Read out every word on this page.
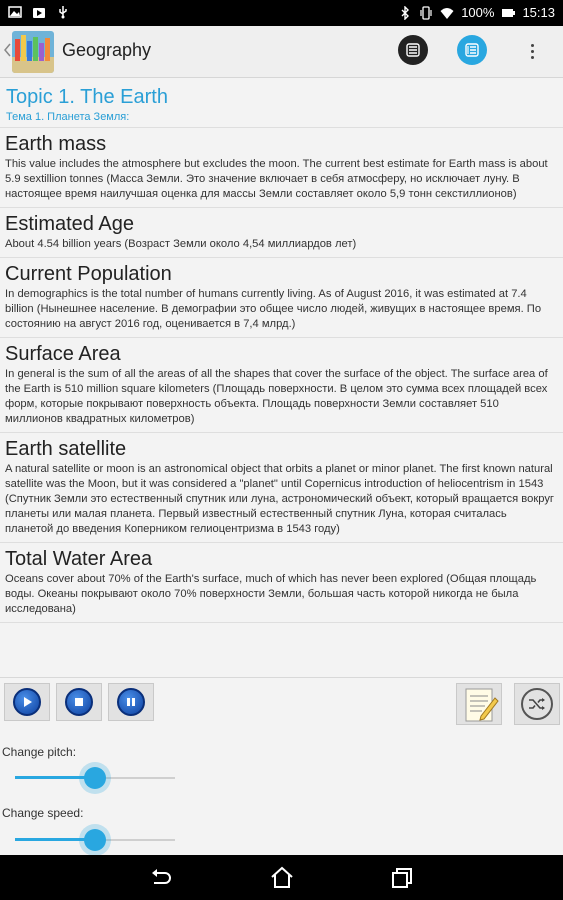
100% 15:13
Geography
Topic 1. The Earth
Тема 1. Планета Земля:
Earth mass
This value includes the atmosphere but excludes the moon. The current best estimate for Earth mass is about 5.9 sextillion tonnes (Масса Земли. Это значение включает в себя атмосферу, но исключает луну. В настоящее время наилучшая оценка для массы Земли составляет около 5,9 тонн секстиллионов)
Estimated Age
About 4.54 billion years (Возраст Земли около 4,54 миллиардов лет)
Current Population
In demographics is the total number of humans currently living. As of August 2016, it was estimated at 7.4 billion (Нынешнее население. В демографии это общее число людей, живущих в настоящее время. По состоянию на август 2016 год, оценивается в 7,4 млрд.)
Surface Area
In general is the sum of all the areas of all the shapes that cover the surface of the object. The surface area of the Earth is 510 million square kilometers (Площадь поверхности. В целом это сумма всех площадей всех форм, которые покрывают поверхность объекта. Площадь поверхности Земли составляет 510 миллионов квадратных километров)
Earth satellite
A natural satellite or moon is an astronomical object that orbits a planet or minor planet. The first known natural satellite was the Moon, but it was considered a "planet" until Copernicus introduction of heliocentrism in 1543 (Спутник Земли это естественный спутник или луна, астрономический объект, который вращается вокруг планеты или малая планета. Первый известный естественный спутник Луна, которая считалась планетой до введения Коперником гелиоцентризма в 1543 году)
Total Water Area
Oceans cover about 70% of the Earth's surface, much of which has never been explored (Общая площадь воды. Океаны покрывают около 70% поверхности Земли, большая часть которой никогда не была исследована)
Change pitch:
Change speed:
